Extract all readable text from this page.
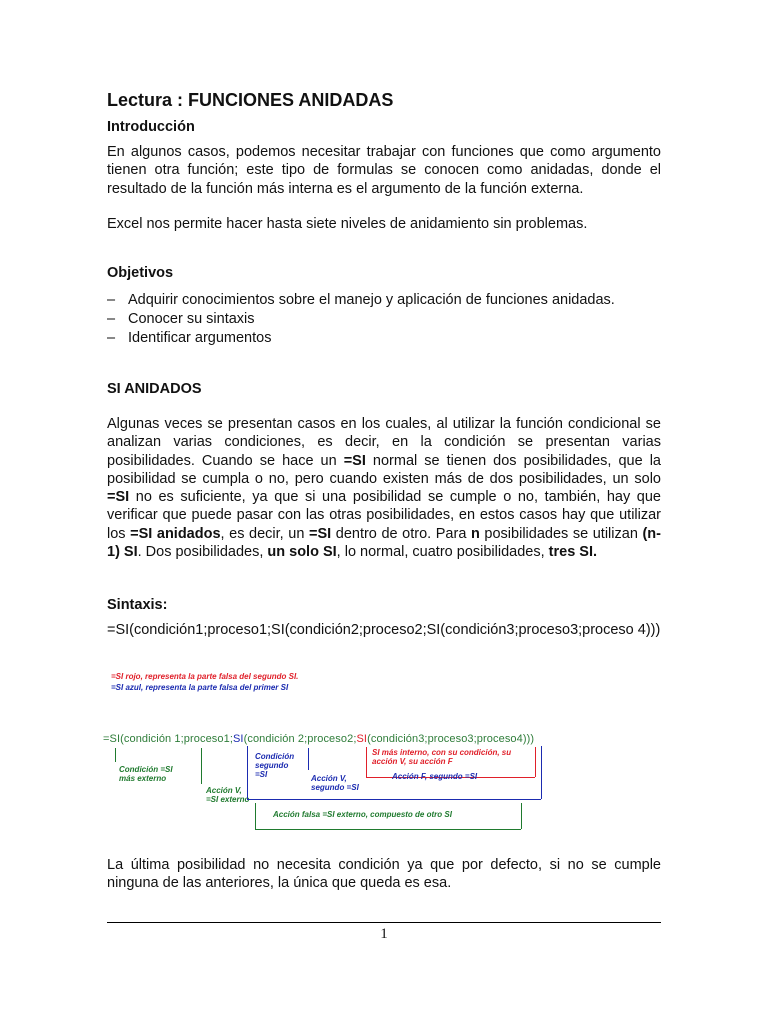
Lectura : FUNCIONES ANIDADAS
Introducción
En algunos casos, podemos necesitar trabajar con funciones que como argumento tienen otra función; este tipo de formulas se conocen como anidadas, donde el resultado de la función más interna es el argumento de la función externa.
Excel nos permite hacer hasta siete niveles de anidamiento sin problemas.
Objetivos
– Adquirir conocimientos sobre el manejo y aplicación de funciones anidadas.
– Conocer su sintaxis
– Identificar argumentos
SI ANIDADOS
Algunas veces se presentan casos en los cuales, al utilizar la función condicional se analizan varias condiciones, es decir, en la condición se presentan varias posibilidades. Cuando se hace un =SI normal se tienen dos posibilidades, que la posibilidad se cumpla o no, pero cuando existen más de dos posibilidades, un solo =SI no es suficiente, ya que si una posibilidad se cumple o no, también, hay que verificar que puede pasar con las otras posibilidades, en estos casos hay que utilizar los =SI anidados, es decir, un =SI dentro de otro. Para n posibilidades se utilizan (n-1) SI. Dos posibilidades, un solo SI, lo normal, cuatro posibilidades, tres SI.
Sintaxis:
=SI(condición1;proceso1;SI(condición2;proceso2;SI(condición3;proceso3;proceso 4)))
La última posibilidad no necesita condición ya que por defecto, si no se cumple ninguna de las anteriores, la única que queda es esa.
=SI rojo, representa la parte falsa del segundo SI.
=SI azul, representa la parte falsa del primer SI
=SI(condición 1;proceso1;SI(condición 2;proceso2;SI(condición3;proceso3;proceso4)))
Condición =SI más externo
Acción V, =SI externo
Condición segundo =SI	Acción V, segundo =SI
SI más interno, con su condición, su acción V, su acción F
Acción F, segundo =SI
Acción falsa =SI externo, compuesto de otro SI
1
